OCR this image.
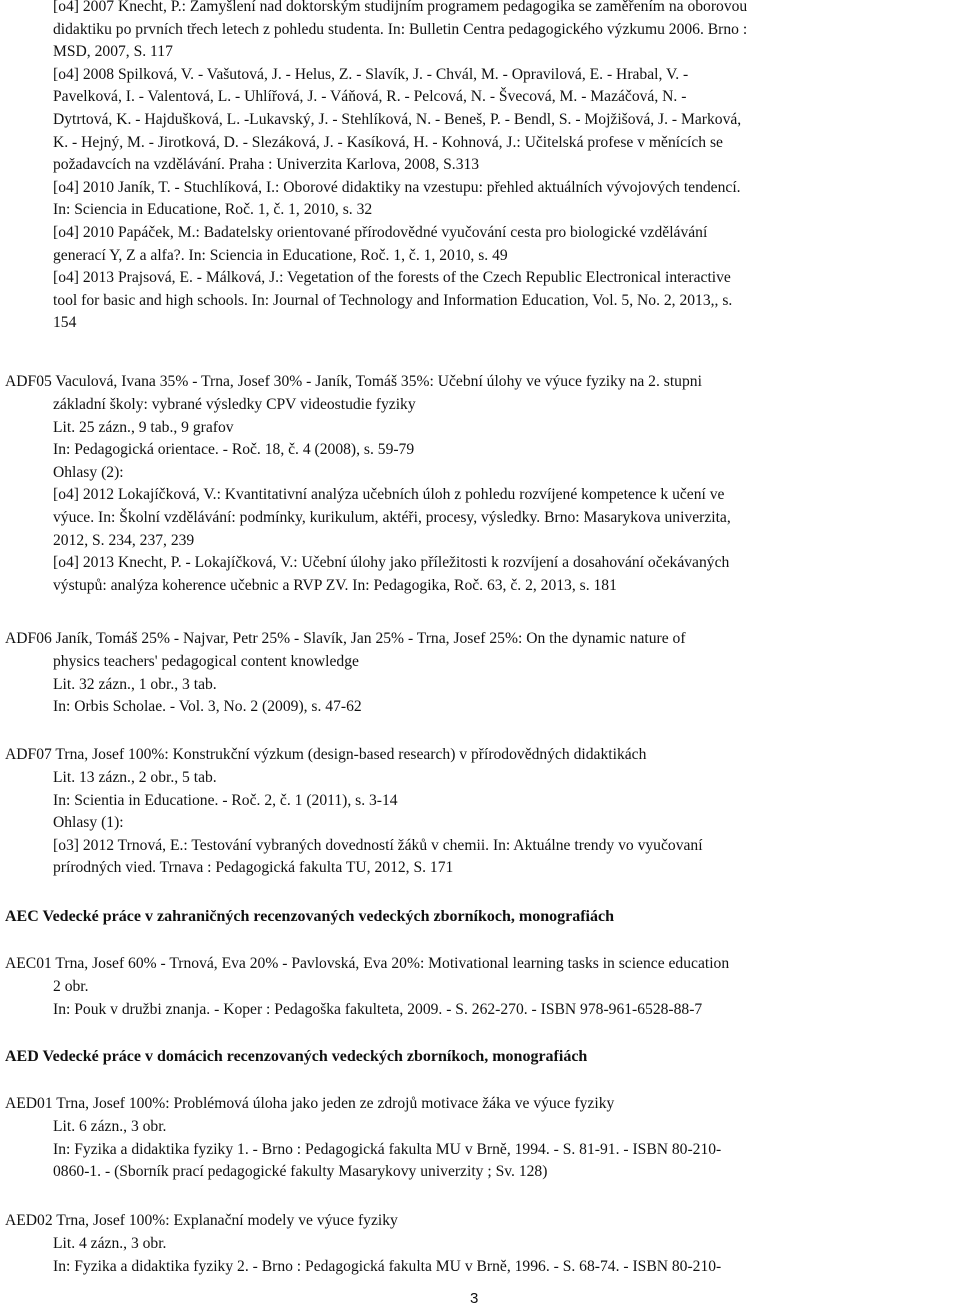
[o4] 2007 Knecht, P.: Zamyšlení nad doktorským studijním programem pedagogika se zaměřením na oborovou
didaktiku po prvních třech letech z pohledu studenta. In: Bulletin Centra pedagogického výzkumu 2006. Brno :
MSD, 2007, S. 117
[o4] 2008 Spilková, V. - Vašutová, J. - Helus, Z. - Slavík, J. - Chvál, M. - Opravilová, E. - Hrabal, V. -
Pavelková, I. - Valentová, L. - Uhlířová, J. - Váňová, R. - Pelcová, N. - Švecová, M. - Mazáčová, N. -
Dytrtová, K. - Hajdušková, L. -Lukavský, J. - Stehlíková, N. - Beneš, P. - Bendl, S. - Mojžišová, J. - Marková,
K. - Hejný, M. - Jirotková, D. - Slezáková, J. - Kasíková, H. - Kohnová, J.: Učitelská profese v měnících se
požadavcích na vzdělávání. Praha : Univerzita Karlova, 2008, S.313
[o4] 2010 Janík, T. - Stuchlíková, I.: Oborové didaktiky na vzestupu: přehled aktuálních vývojových tendencí.
In: Sciencia in Educatione, Roč. 1, č. 1, 2010, s. 32
[o4] 2010 Papáček, M.: Badatelsky orientované přírodovědné vyučování cesta pro biologické vzdělávání
generací Y, Z a alfa?. In: Sciencia in Educatione, Roč. 1, č. 1, 2010, s. 49
[o4] 2013 Prajsová, E. - Málková, J.: Vegetation of the forests of the Czech Republic Electronical interactive
tool for basic and high schools. In: Journal of Technology and Information Education, Vol. 5, No. 2, 2013,, s.
154
ADF05 Vaculová, Ivana 35% - Trna, Josef 30% - Janík, Tomáš 35%: Učební úlohy ve výuce fyziky na 2. stupni
základní školy: vybrané výsledky CPV videostudie fyziky
Lit. 25 zázn., 9 tab., 9 grafov
In: Pedagogická orientace. - Roč. 18, č. 4 (2008), s. 59-79
Ohlasy (2):
[o4] 2012 Lokajíčková, V.: Kvantitativní analýza učebních úloh z pohledu rozvíjené kompetence k učení ve
výuce. In: Školní vzdělávání: podmínky, kurikulum, aktéři, procesy, výsledky. Brno: Masarykova univerzita,
2012, S. 234, 237, 239
[o4] 2013 Knecht, P. - Lokajíčková, V.: Učební úlohy jako příležitosti k rozvíjení a dosahování očekávaných
výstupů: analýza koherence učebnic a RVP ZV. In: Pedagogika, Roč. 63, č. 2, 2013, s. 181
ADF06 Janík, Tomáš 25% - Najvar, Petr 25% - Slavík, Jan 25% - Trna, Josef 25%: On the dynamic nature of
physics teachers' pedagogical content knowledge
Lit. 32 zázn., 1 obr., 3 tab.
In: Orbis Scholae. - Vol. 3, No. 2 (2009), s. 47-62
ADF07 Trna, Josef 100%: Konstrukční výzkum (design-based research) v přírodovědných didaktikách
Lit. 13 zázn., 2 obr., 5 tab.
In: Scientia in Educatione. - Roč. 2, č. 1 (2011), s. 3-14
Ohlasy (1):
[o3] 2012 Trnová, E.: Testování vybraných dovedností žáků v chemii. In: Aktuálne trendy vo vyučovaní
prírodných vied. Trnava : Pedagogická fakulta TU, 2012, S. 171
AEC Vedecké práce v zahraničných recenzovaných vedeckých zborníkoch, monografiách
AEC01 Trna, Josef 60% - Trnová, Eva 20% - Pavlovská, Eva 20%: Motivational learning tasks in science education
2 obr.
In: Pouk v družbi znanja. - Koper : Pedagoška fakulteta, 2009. - S. 262-270. - ISBN 978-961-6528-88-7
AED Vedecké práce v domácich recenzovaných vedeckých zborníkoch, monografiách
AED01 Trna, Josef 100%: Problémová úloha jako jeden ze zdrojů motivace žáka ve výuce fyziky
Lit. 6 zázn., 3 obr.
In: Fyzika a didaktika fyziky 1. - Brno : Pedagogická fakulta MU v Brně, 1994. - S. 81-91. - ISBN 80-210-
0860-1. - (Sborník prací pedagogické fakulty Masarykovy univerzity ; Sv. 128)
AED02 Trna, Josef 100%: Explanační modely ve výuce fyziky
Lit. 4 zázn., 3 obr.
In: Fyzika a didaktika fyziky 2. - Brno : Pedagogická fakulta MU v Brně, 1996. - S. 68-74. - ISBN 80-210-
3
